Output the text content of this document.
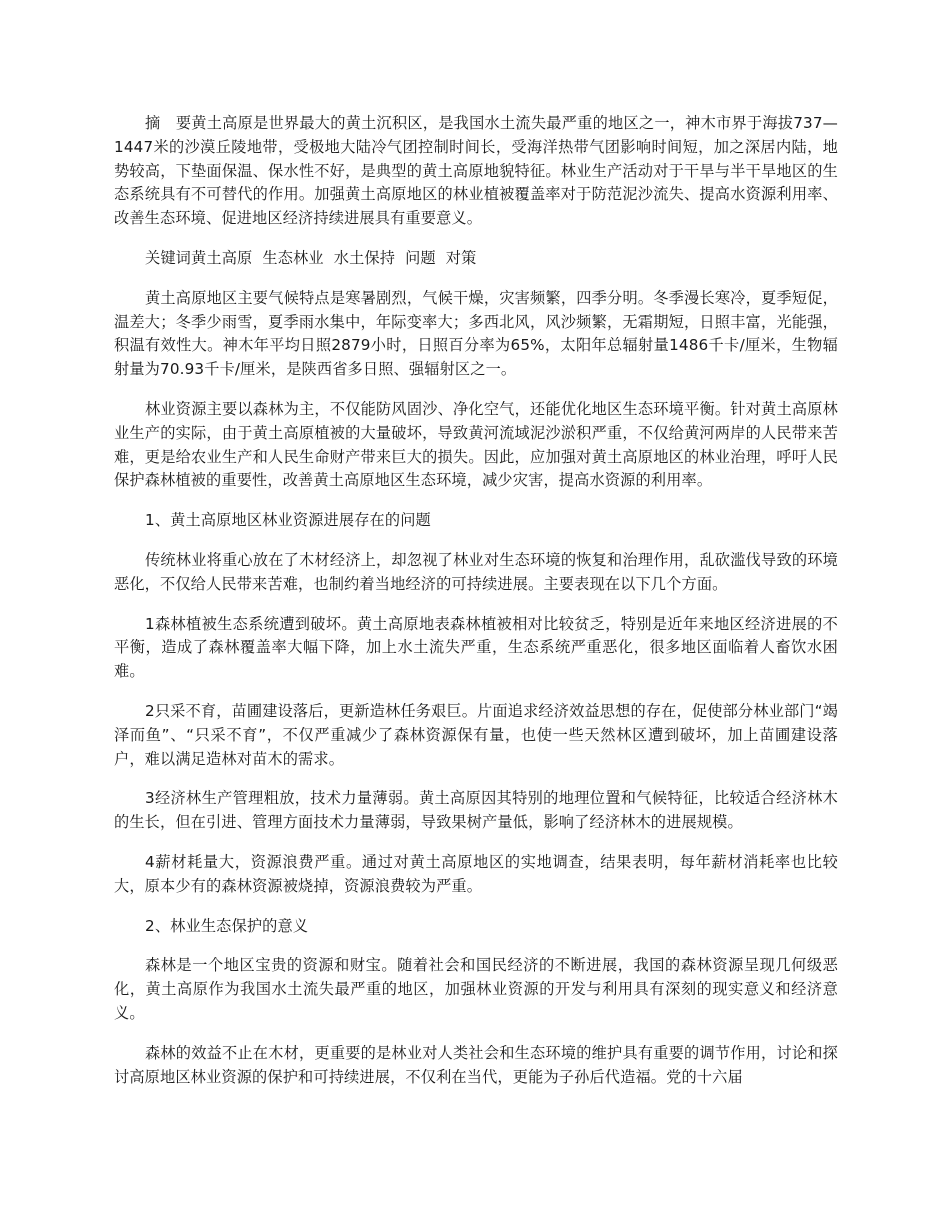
摘　要黄土高原是世界最大的黄土沉积区，是我国水土流失最严重的地区之一，神木市界于海拔737—1447米的沙漠丘陵地带，受极地大陆冷气团控制时间长，受海洋热带气团影响时间短，加之深居内陆，地势较高，下垫面保温、保水性不好，是典型的黄土高原地貌特征。林业生产活动对于干旱与半干旱地区的生态系统具有不可替代的作用。加强黄土高原地区的林业植被覆盖率对于防范泥沙流失、提高水资源利用率、改善生态环境、促进地区经济持续进展具有重要意义。

关键词黄土高原 生态林业 水土保持 问题 对策

黄土高原地区主要气候特点是寒暑剧烈，气候干燥，灾害频繁，四季分明。冬季漫长寒冷，夏季短促，温差大；冬季少雨雪，夏季雨水集中，年际变率大；多西北风，风沙频繁，无霜期短，日照丰富，光能强，积温有效性大。神木年平均日照2879小时，日照百分率为65%，太阳年总辐射量1486千卡/厘米，生物辐射量为70.93千卡/厘米，是陕西省多日照、强辐射区之一。

林业资源主要以森林为主，不仅能防风固沙、净化空气，还能优化地区生态环境平衡。针对黄土高原林业生产的实际，由于黄土高原植被的大量破坏，导致黄河流域泥沙淤积严重，不仅给黄河两岸的人民带来苦难，更是给农业生产和人民生命财产带来巨大的损失。因此，应加强对黄土高原地区的林业治理，呼吁人民保护森林植被的重要性，改善黄土高原地区生态环境，减少灾害，提高水资源的利用率。

1、黄土高原地区林业资源进展存在的问题

传统林业将重心放在了木材经济上，却忽视了林业对生态环境的恢复和治理作用，乱砍滥伐导致的环境恶化，不仅给人民带来苦难，也制约着当地经济的可持续进展。主要表现在以下几个方面。

1森林植被生态系统遭到破坏。黄土高原地表森林植被相对比较贫乏，特别是近年来地区经济进展的不平衡，造成了森林覆盖率大幅下降，加上水土流失严重，生态系统严重恶化，很多地区面临着人畜饮水困难。

2只采不育，苗圃建设落后，更新造林任务艰巨。片面追求经济效益思想的存在，促使部分林业部门“竭泽而鱼”、“只采不育”，不仅严重减少了森林资源保有量，也使一些天然林区遭到破坏，加上苗圃建设落户，难以满足造林对苗木的需求。

3经济林生产管理粗放，技术力量薄弱。黄土高原因其特别的地理位置和气候特征，比较适合经济林木的生长，但在引进、管理方面技术力量薄弱，导致果树产量低，影响了经济林木的进展规模。

4薪材耗量大，资源浪费严重。通过对黄土高原地区的实地调查，结果表明，每年薪材消耗率也比较大，原本少有的森林资源被烧掉，资源浪费较为严重。

2、林业生态保护的意义

森林是一个地区宝贵的资源和财宝。随着社会和国民经济的不断进展，我国的森林资源呈现几何级恶化，黄土高原作为我国水土流失最严重的地区，加强林业资源的开发与利用具有深刻的现实意义和经济意义。

森林的效益不止在木材，更重要的是林业对人类社会和生态环境的维护具有重要的调节作用，讨论和探讨高原地区林业资源的保护和可持续进展，不仅利在当代，更能为子孙后代造福。党的十六届
